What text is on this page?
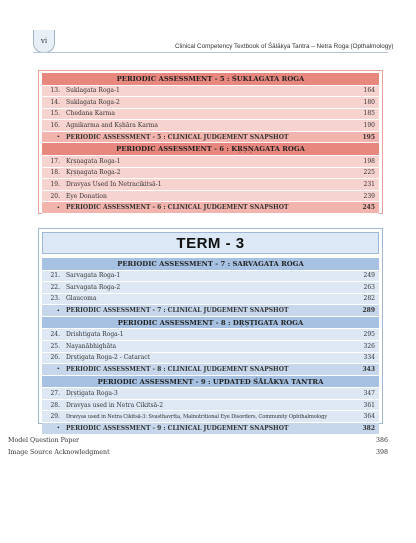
vi
Clinical Competency Textbook of Śālākya Tantra – Netra Roga (Opthalmology)
PERIODIC ASSESSMENT - 5 : ŚUKLAGATA ROGA
13.	Śuklagata Roga-1	164
14.	Śuklagata Roga-2	180
15.	Chedana Karma	185
16.	Agnikarma and Kṣhāra Karma	190
•	PERIODIC ASSESSMENT - 5 : CLINICAL JUDGEMENT SNAPSHOT	195
PERIODIC ASSESSMENT - 6 : KṚṢṆAGATA ROGA
17.	Kṛṣṇagata Roga-1	198
18.	Kṛṣṇagata Roga-2	225
19.	Dravyas Used In Netracikitsā-1	231
20.	Eye Donation	239
•	PERIODIC ASSESSMENT - 6 : CLINICAL JUDGEMENT SNAPSHOT	245
TERM - 3
PERIODIC ASSESSMENT - 7 : SARVAGATA ROGA
21.	Sarvagata Roga-1	249
22.	Sarvagata Roga-2	263
23.	Glaucoma	282
•	PERIODIC ASSESSMENT - 7 : CLINICAL JUDGEMENT SNAPSHOT	289
PERIODIC ASSESSMENT - 8 : DṚṢṬIGATA ROGA
24.	Drishtigata Roga-1	295
25.	Nayanābhighāta	326
26.	Dṛṣṭigata Roga-2 - Cataract	334
•	PERIODIC ASSESSMENT - 8 : CLINICAL JUDGEMENT SNAPSHOT	343
PERIODIC ASSESSMENT - 9 : UPDATED ŚĀLĀKYA TANTRA
27.	Dṛṣṭigata Roga-3	347
28.	Dravyas used in Netra Cikitsā-2	361
29.	Dravyas used in Netra Cikitsā-3: Svasthavṛtta, Malnutritional Eye Disorders, Community Ophthalmology	364
•	PERIODIC ASSESSMENT - 9 : CLINICAL JUDGEMENT SNAPSHOT	382
Model Question Paper	386
Image Source Acknowledgment	398
